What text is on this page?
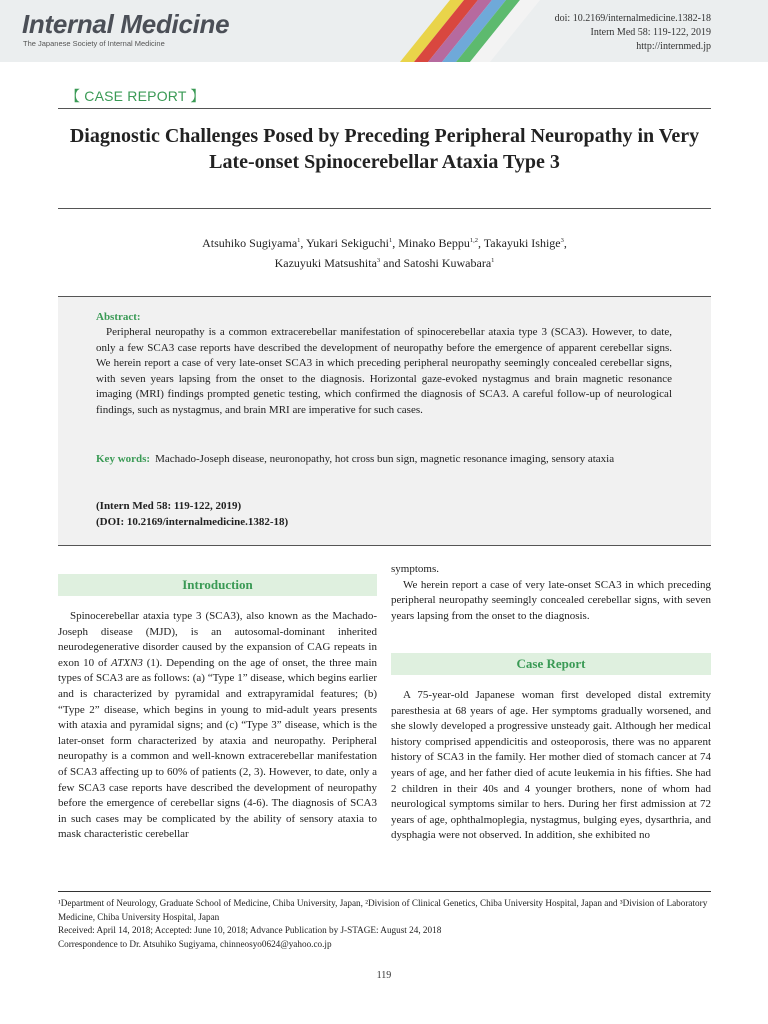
Internal Medicine
The Japanese Society of Internal Medicine
doi: 10.2169/internalmedicine.1382-18
Intern Med 58: 119-122, 2019
http://internmed.jp
【 CASE REPORT 】
Diagnostic Challenges Posed by Preceding Peripheral Neuropathy in Very Late-onset Spinocerebellar Ataxia Type 3
Atsuhiko Sugiyama$^1$, Yukari Sekiguchi$^1$, Minako Beppu$^{1,2}$, Takayuki Ishige$^3$,
Kazuyuki Matsushita$^3$ and Satoshi Kuwabara$^1$
Abstract:

Peripheral neuropathy is a common extracerebellar manifestation of spinocerebellar ataxia type 3 (SCA3). However, to date, only a few SCA3 case reports have described the development of neuropathy before the emergence of apparent cerebellar signs. We herein report a case of very late-onset SCA3 in which preceding peripheral neuropathy seemingly concealed cerebellar signs, with seven years lapsing from the onset to the diagnosis. Horizontal gaze-evoked nystagmus and brain magnetic resonance imaging (MRI) findings prompted genetic testing, which confirmed the diagnosis of SCA3. A careful follow-up of neurological findings, such as nystagmus, and brain MRI are imperative for such cases.

Key words: Machado-Joseph disease, neuronopathy, hot cross bun sign, magnetic resonance imaging, sensory ataxia
(Intern Med 58: 119-122, 2019)
(DOI: 10.2169/internalmedicine.1382-18)
Introduction

Spinocerebellar ataxia type 3 (SCA3), also known as the Machado-Joseph disease (MJD), is an autosomal-dominant inherited neurodegenerative disorder caused by the expansion of CAG repeats in exon 10 of ATXN3 (1). Depending on the age of onset, the three main types of SCA3 are as follows: (a) “Type 1” disease, which begins earlier and is characterized by pyramidal and extrapyramidal features; (b) “Type 2” disease, which begins in young to mid-adult years presents with ataxia and pyramidal signs; and (c) “Type 3” disease, which is the later-onset form characterized by ataxia and neuropathy. Peripheral neuropathy is a common and well-known extracerebellar manifestation of SCA3 affecting up to 60% of patients (2, 3). However, to date, only a few SCA3 case reports have described the development of neuropathy before the emergence of cerebellar signs (4-6). The diagnosis of SCA3 in such cases may be complicated by the ability of sensory ataxia to mask characteristic cerebellar

symptoms.

We herein report a case of very late-onset SCA3 in which preceding peripheral neuropathy seemingly concealed cerebellar signs, with seven years lapsing from the onset to the diagnosis.

Case Report

A 75-year-old Japanese woman first developed distal extremity paresthesia at 68 years of age. Her symptoms gradually worsened, and she slowly developed a progressive unsteady gait. Although her medical history comprised appendicitis and osteoporosis, there was no apparent history of SCA3 in the family. Her mother died of stomach cancer at 74 years of age, and her father died of acute leukemia in his fifties. She had 2 children in their 40s and 4 younger brothers, none of whom had neurological symptoms similar to hers. During her first admission at 72 years of age, ophthalmoplegia, nystagmus, bulging eyes, dysarthria, and dysphagia were not observed. In addition, she exhibited no

¹Department of Neurology, Graduate School of Medicine, Chiba University, Japan, ²Division of Clinical Genetics, Chiba University Hospital, Japan and ³Division of Laboratory Medicine, Chiba University Hospital, Japan
Received: April 14, 2018; Accepted: June 10, 2018; Advance Publication by J-STAGE: August 24, 2018
Correspondence to Dr. Atsuhiko Sugiyama, chinneosyo0624@yahoo.co.jp
119
